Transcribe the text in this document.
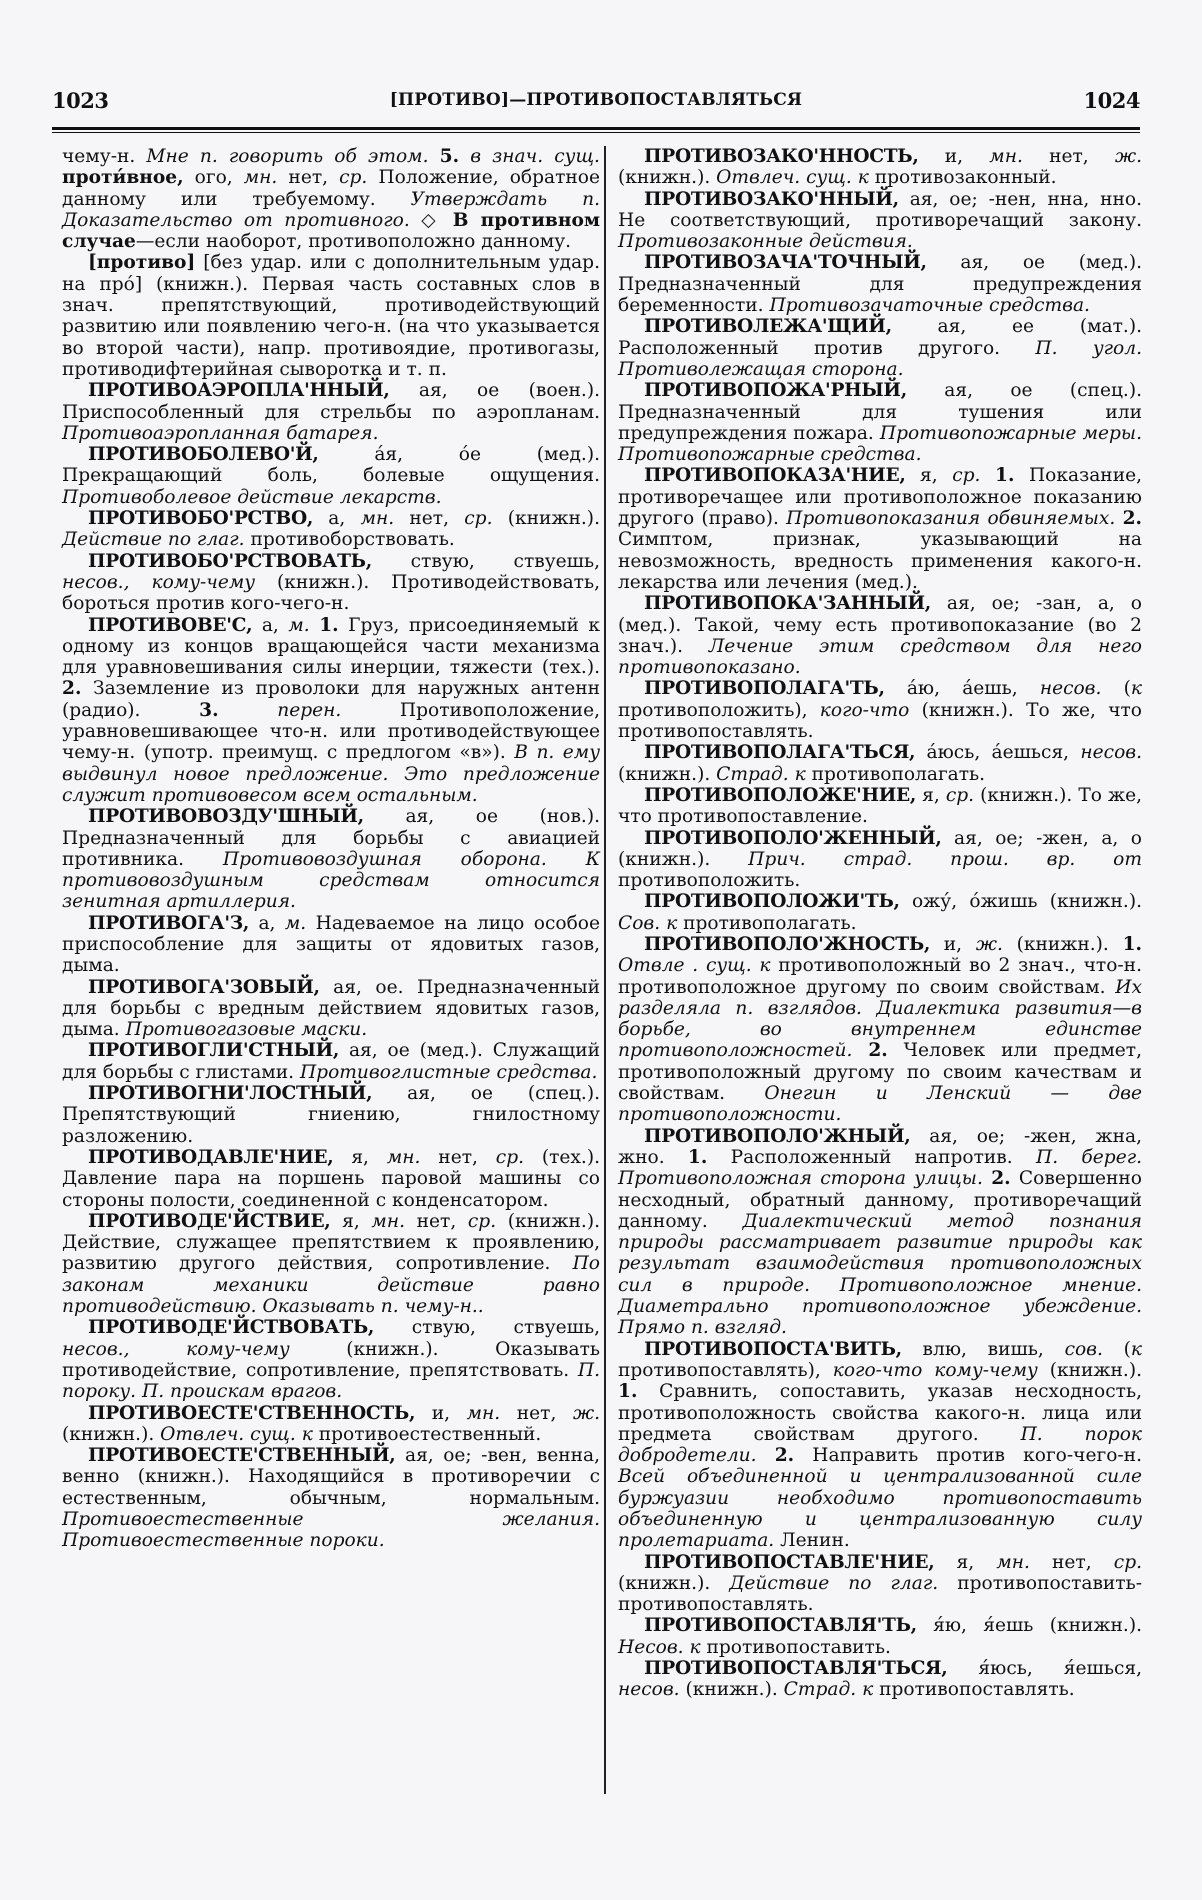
1023	[ПРОТИВО]—ПРОТИВОПОСТАВЛЯТЬСЯ	1024

чему-н. Мне п. говорить об этом. 5. в знач. сущ. проти́вное, ого, мн. нет, ср. Положение, обратное данному или требуемому. Утверждать п. Доказательство от противного. ◇ В противном случае—если наоборот, противоположно данному.

[противо] [без удар. или с дополнительным удар. на про́] (книжн.). Первая часть составных слов в знач. препятствующий, противодействующий развитию или появлению чего-н. (на что указывается во второй части), напр. противоядие, противогазы, противодифтерийная сыворотка и т. п.

ПРОТИВОАЭРОПЛА'ННЫЙ, ая, ое (воен.). Приспособленный для стрельбы по аэропланам. Противоаэропланная батарея.

ПРОТИВОБОЛЕВО'Й, а́я, о́е (мед.). Прекращающий боль, болевые ощущения. Противоболевое действие лекарств.

ПРОТИВОБО'РСТВО, а, мн. нет, ср. (книжн.). Действие по глаг. противоборствовать.

ПРОТИВОБО'РСТВОВАТЬ, ствую, ствуешь, несов., кому-чему (книжн.). Противодействовать, бороться против кого-чего-н.

ПРОТИВОВЕ'С, а, м. 1. Груз, присоединяемый к одному из концов вращающейся части механизма для уравновешивания силы инерции, тяжести (тех.). 2. Заземление из проволоки для наружных антенн (радио). 3.	перен. Противоположение, уравновешивающее что-н. или противодействующее чему-н. (употр. преимущ. с предлогом «в»). В п. ему выдвинул новое предложение. Это предложение служит противовесом всем остальным.

ПРОТИВОВОЗДУ'ШНЫЙ, ая, ое (нов.). Предназначенный для борьбы с авиацией противника. Противовоздушная оборона. К противовоздушным средствам относится зенитная артиллерия.

ПРОТИВОГА'З, а, м. Надеваемое на лицо особое приспособление для защиты от ядовитых газов, дыма.

ПРОТИВОГА'ЗОВЫЙ, ая, ое. Предназначенный для борьбы с вредным действием ядовитых газов, дыма. Противогазовые маски.

ПРОТИВОГЛИ'СТНЫЙ, ая, ое (мед.). Служащий для борьбы с глистами. Противоглистные средства.

ПРОТИВОГНИ'ЛОСТНЫЙ, ая, ое (спец.). Препятствующий гниению, гнилостному разложению.

ПРОТИВОДАВЛЕ'НИЕ, я, мн. нет, ср. (тех.). Давление пара на поршень паровой машины со стороны полости, соединенной с конденсатором.

ПРОТИВОДЕ'ЙСТВИЕ, я, мн. нет, ср. (книжн.). Действие, служащее препятствием к проявлению, развитию другого действия, сопротивление. По законам механики действие равно противодействию. Оказывать п. чему-н..

ПРОТИВОДЕ'ЙСТВОВАТЬ, ствую, ствуешь, несов., кому-чему (книжн.). Оказывать противодействие, сопротивление, препятствовать. П. пороку. П. проискам врагов.

ПРОТИВОЕСТЕ'СТВЕННОСТЬ, и, мн. нет, ж. (книжн.). Отвлеч. сущ. к противоестественный.

ПРОТИВОЕСТЕ'СТВЕННЫЙ, ая, ое; -вен, венна, венно (книжн.). Находящийся в противоречии с естественным, обычным, нормальным. Противоестественные желания. Противоестественные пороки.

ПРОТИВОЗАКО'ННОСТЬ, и, мн. нет, ж. (книжн.). Отвлеч. сущ. к противозаконный.

ПРОТИВОЗАКО'ННЫЙ, ая, ое; -нен, нна, нно. Не соответствующий, противоречащий закону. Противозаконные действия.

ПРОТИВОЗАЧА'ТОЧНЫЙ, ая, ое (мед.). Предназначенный для предупреждения беременности. Противозачаточные средства.

ПРОТИВОЛЕЖА'ЩИЙ, ая, ее (мат.). Расположенный против другого. П. угол. Противолежащая сторона.

ПРОТИВОПОЖА'РНЫЙ, ая, ое (спец.). Предназначенный для тушения или предупреждения пожара. Противопожарные меры. Противопожарные средства.

ПРОТИВОПОКАЗА'НИЕ, я, ср. 1. Показание, противоречащее или противоположное показанию другого (право). Противопоказания обвиняемых. 2. Симптом, признак, указывающий на невозможность, вредность применения какого-н. лекарства или лечения (мед.).

ПРОТИВОПОКА'ЗАННЫЙ, ая, ое; -зан, а, о (мед.). Такой, чему есть противопоказание (во 2 знач.). Лечение этим средством для него противопоказано.

ПРОТИВОПОЛАГА'ТЬ, а́ю, а́ешь, несов. (к противоположить), кого-что (книжн.). То же, что противопоставлять.

ПРОТИВОПОЛАГА'ТЬСЯ, а́юсь, а́ешься, несов. (книжн.). Страд. к противополагать.

ПРОТИВОПОЛОЖЕ'НИЕ, я, ср. (книжн.). То же, что противопоставление.

ПРОТИВОПОЛО'ЖЕННЫЙ, ая, ое; -жен, а, о (книжн.). Прич. страд. прош. вр. от противоположить.

ПРОТИВОПОЛОЖИ'ТЬ, ожу́, о́жишь (книжн.). Сов. к противополагать.

ПРОТИВОПОЛО'ЖНОСТЬ, и, ж. (книжн.). 1. Отвле . сущ. к противоположный во 2 знач., что-н. противоположное другому по своим свойствам. Их разделяла п. взглядов. Диалектика развития—в борьбе, во внутреннем единстве противоположностей. 2. Человек или предмет, противоположный другому по своим качествам и свойствам. Онегин и Ленский — две противоположности.

ПРОТИВОПОЛО'ЖНЫЙ, ая, ое; -жен, жна, жно. 1. Расположенный напротив. П. берег. Противоположная сторона улицы. 2. Совершенно несходный, обратный данному, противоречащий данному. Диалектический метод познания природы рассматривает развитие природы как результат взаимодействия противоположных сил в природе. Противоположное мнение. Диаметрально противоположное убеждение. Прямо п. взгляд.

ПРОТИВОПОСТА'ВИТЬ, влю, вишь, сов. (к противопоставлять), кого-что кому-чему (книжн.). 1. Сравнить, сопоставить, указав несходность, противоположность свойства какого-н. лица или предмета свойствам другого. П. порок добродетели. 2. Направить против кого-чего-н. Всей объединенной и централизованной силе буржуазии необходимо противопоставить объединенную и централизованную силу пролетариата. Ленин.

ПРОТИВОПОСТАВЛЕ'НИЕ, я, мн. нет, ср. (книжн.). Действие по глаг. противопоставить-противопоставлять.

ПРОТИВОПОСТАВЛЯ'ТЬ, я́ю, я́ешь (книжн.). Несов. к противопоставить.

ПРОТИВОПОСТАВЛЯ'ТЬСЯ, я́юсь, я́ешься, несов. (книжн.). Страд. к противопоставлять.
